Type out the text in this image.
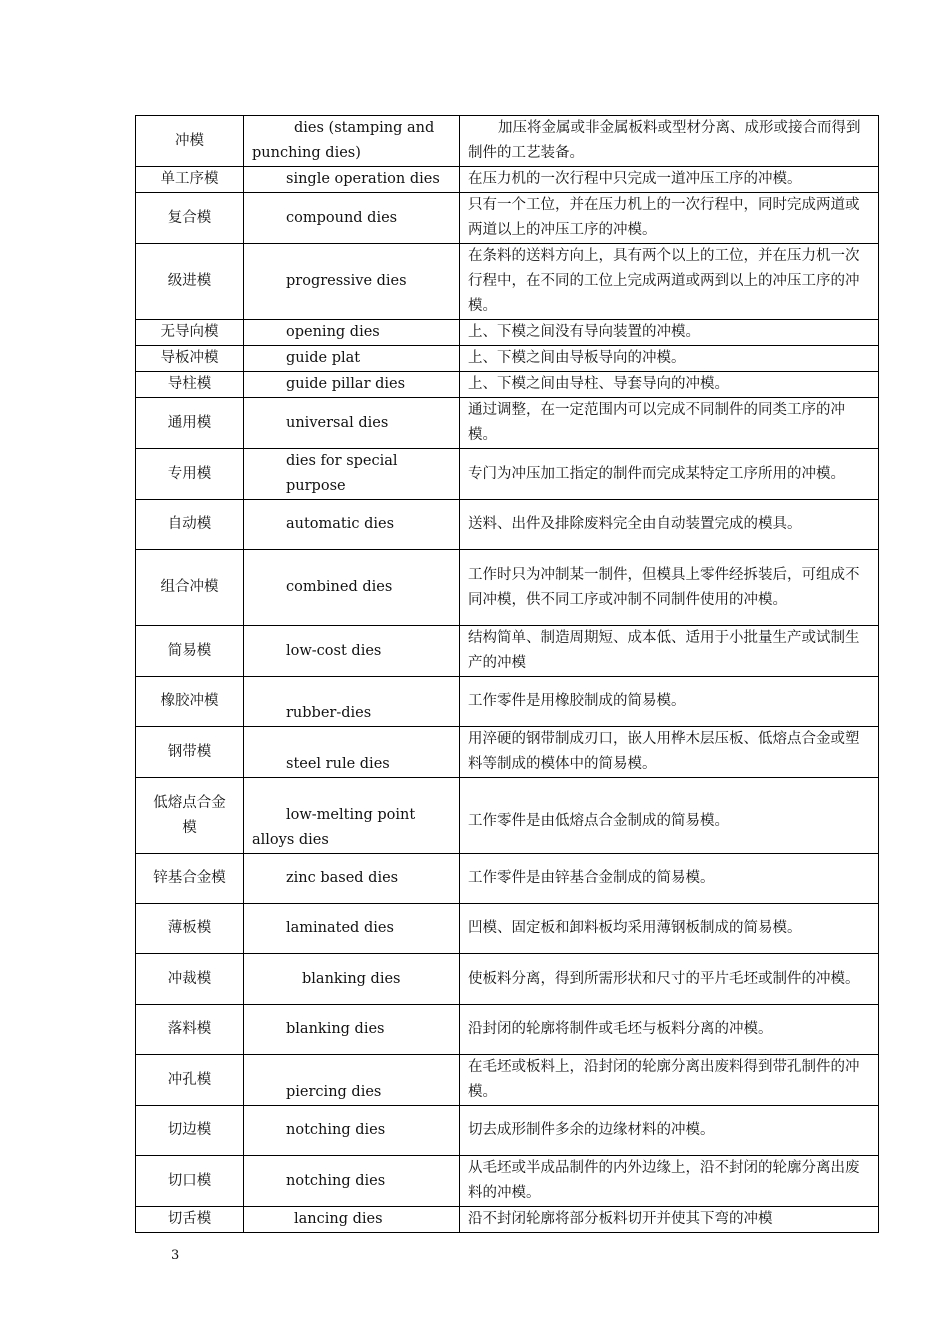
冲模	dies (stamping and punching dies)	加压将金属或非金属板料或型材分离、成形或接合而得到制件的工艺装备。
单工序模	single operation dies	在压力机的一次行程中只完成一道冲压工序的冲模。
复合模	compound dies	只有一个工位，并在压力机上的一次行程中，同时完成两道或两道以上的冲压工序的冲模。
级进模	progressive dies	在条料的送料方向上，具有两个以上的工位，并在压力机一次行程中，在不同的工位上完成两道或两到以上的冲压工序的冲模。
无导向模	opening dies	上、下模之间没有导向装置的冲模。
导板冲模	guide plat	上、下模之间由导板导向的冲模。
导柱模	guide pillar dies	上、下模之间由导柱、导套导向的冲模。
通用模	universal dies	通过调整，在一定范围内可以完成不同制件的同类工序的冲模。
专用模	dies for special purpose	专门为冲压加工指定的制件而完成某特定工序所用的冲模。
自动模	automatic dies	送料、出件及排除废料完全由自动装置完成的模具。
组合冲模	combined dies	工作时只为冲制某一制件，但模具上零件经拆装后，可组成不同冲模，供不同工序或冲制不同制件使用的冲模。
简易模	low-cost dies	结构简单、制造周期短、成本低、适用于小批量生产或试制生产的冲模
橡胶冲模	rubber-dies	工作零件是用橡胶制成的简易模。
钢带模	steel rule dies	用淬硬的钢带制成刃口，嵌人用桦木层压板、低熔点合金或塑料等制成的模体中的简易模。
低熔点合金模	low-melting point alloys dies	工作零件是由低熔点合金制成的简易模。
锌基合金模	zinc based dies	工作零件是由锌基合金制成的简易模。
薄板模	laminated dies	凹模、固定板和卸料板均采用薄钢板制成的简易模。
冲裁模	blanking dies	使板料分离，得到所需形状和尺寸的平片毛坯或制件的冲模。
落料模	blanking dies	沿封闭的轮廓将制件或毛坯与板料分离的冲模。
冲孔模	piercing dies	在毛坯或板料上，沿封闭的轮廓分离出废料得到带孔制件的冲模。
切边模	notching dies	切去成形制件多余的边缘材料的冲模。
切口模	notching dies	从毛坯或半成品制件的内外边缘上，沿不封闭的轮廓分离出废料的冲模。
切舌模	lancing dies	沿不封闭轮廓将部分板料切开并使其下弯的冲模
3
